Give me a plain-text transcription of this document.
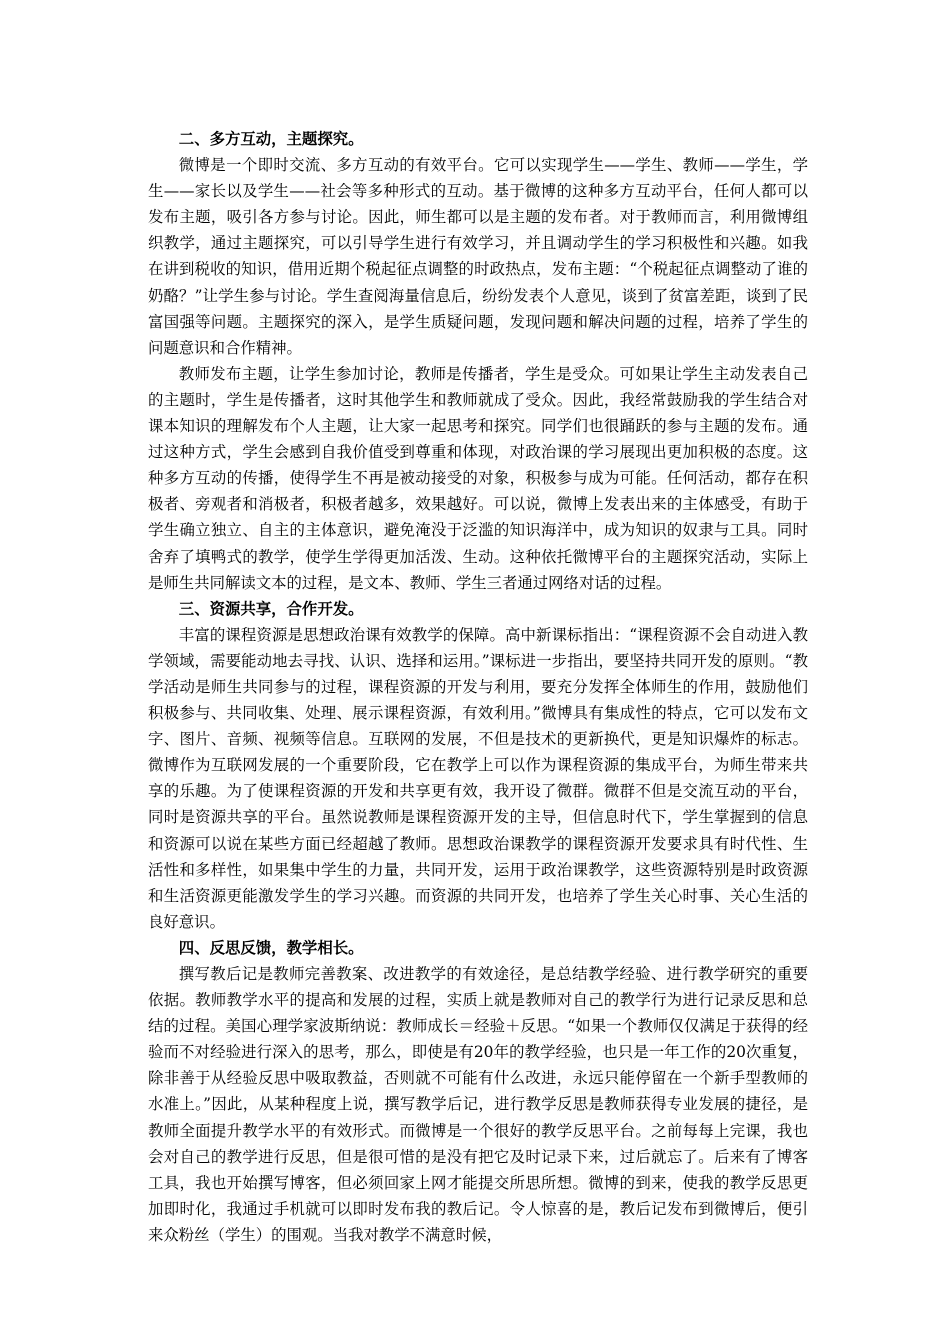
二、多方互动，主题探究。

微博是一个即时交流、多方互动的有效平台。它可以实现学生——学生、教师——学生，学生——家长以及学生——社会等多种形式的互动。基于微博的这种多方互动平台，任何人都可以发布主题，吸引各方参与讨论。因此，师生都可以是主题的发布者。对于教师而言，利用微博组织教学，通过主题探究，可以引导学生进行有效学习，并且调动学生的学习积极性和兴趣。如我在讲到税收的知识，借用近期个税起征点调整的时政热点，发布主题：“个税起征点调整动了谁的奶酪？”让学生参与讨论。学生查阅海量信息后，纷纷发表个人意见，谈到了贫富差距，谈到了民富国强等问题。主题探究的深入，是学生质疑问题，发现问题和解决问题的过程，培养了学生的问题意识和合作精神。

教师发布主题，让学生参加讨论，教师是传播者，学生是受众。可如果让学生主动发表自己的主题时，学生是传播者，这时其他学生和教师就成了受众。因此，我经常鼓励我的学生结合对课本知识的理解发布个人主题，让大家一起思考和探究。同学们也很踊跃的参与主题的发布。通过这种方式，学生会感到自我价值受到尊重和体现，对政治课的学习展现出更加积极的态度。这种多方互动的传播，使得学生不再是被动接受的对象，积极参与成为可能。任何活动，都存在积极者、旁观者和消极者，积极者越多，效果越好。可以说，微博上发表出来的主体感受，有助于学生确立独立、自主的主体意识，避免淹没于泛滥的知识海洋中，成为知识的奴隶与工具。同时舍弃了填鸭式的教学，使学生学得更加活泼、生动。这种依托微博平台的主题探究活动，实际上是师生共同解读文本的过程，是文本、教师、学生三者通过网络对话的过程。

三、资源共享，合作开发。

丰富的课程资源是思想政治课有效教学的保障。高中新课标指出：“课程资源不会自动进入教学领域，需要能动地去寻找、认识、选择和运用。”课标进一步指出，要坚持共同开发的原则。“教学活动是师生共同参与的过程，课程资源的开发与利用，要充分发挥全体师生的作用，鼓励他们积极参与、共同收集、处理、展示课程资源，有效利用。”微博具有集成性的特点，它可以发布文字、图片、音频、视频等信息。互联网的发展，不但是技术的更新换代，更是知识爆炸的标志。微博作为互联网发展的一个重要阶段，它在教学上可以作为课程资源的集成平台，为师生带来共享的乐趣。为了使课程资源的开发和共享更有效，我开设了微群。微群不但是交流互动的平台，同时是资源共享的平台。虽然说教师是课程资源开发的主导，但信息时代下，学生掌握到的信息和资源可以说在某些方面已经超越了教师。思想政治课教学的课程资源开发要求具有时代性、生活性和多样性，如果集中学生的力量，共同开发，运用于政治课教学，这些资源特别是时政资源和生活资源更能激发学生的学习兴趣。而资源的共同开发，也培养了学生关心时事、关心生活的良好意识。

四、反思反馈，教学相长。

撰写教后记是教师完善教案、改进教学的有效途径，是总结教学经验、进行教学研究的重要依据。教师教学水平的提高和发展的过程，实质上就是教师对自己的教学行为进行记录反思和总结的过程。美国心理学家波斯纳说：教师成长＝经验＋反思。“如果一个教师仅仅满足于获得的经验而不对经验进行深入的思考，那么，即使是有20年的教学经验，也只是一年工作的20次重复，除非善于从经验反思中吸取教益，否则就不可能有什么改进，永远只能停留在一个新手型教师的水准上。”因此，从某种程度上说，撰写教学后记，进行教学反思是教师获得专业发展的捷径，是教师全面提升教学水平的有效形式。而微博是一个很好的教学反思平台。之前每每上完课，我也会对自己的教学进行反思，但是很可惜的是没有把它及时记录下来，过后就忘了。后来有了博客工具，我也开始撰写博客，但必须回家上网才能提交所思所想。微博的到来，使我的教学反思更加即时化，我通过手机就可以即时发布我的教后记。令人惊喜的是，教后记发布到微博后，便引来众粉丝（学生）的围观。当我对教学不满意时候，
